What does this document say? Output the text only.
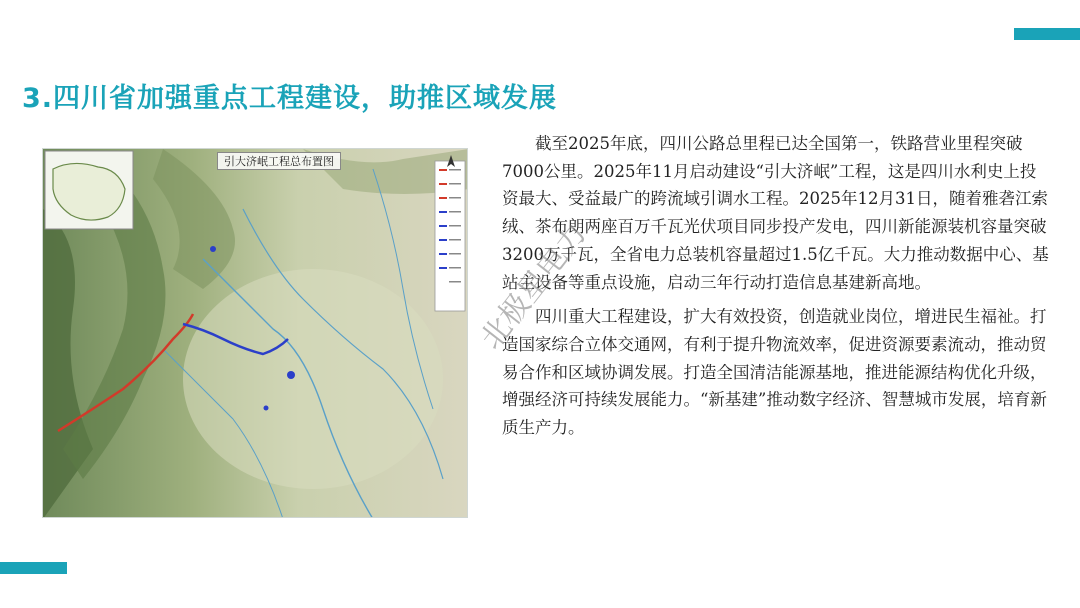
3.四川省加强重点工程建设，助推区域发展
引大济岷工程总布置图

截至2025年底，四川公路总里程已达全国第一，铁路营业里程突破7000公里。2025年11月启动建设“引大济岷”工程，这是四川水利史上投资最大、受益最广的跨流域引调水工程。2025年12月31日，随着雅砻江索绒、茶布朗两座百万千瓦光伏项目同步投产发电，四川新能源装机容量突破3200万千瓦，全省电力总装机容量超过1.5亿千瓦。大力推动数据中心、基站主设备等重点设施，启动三年行动打造信息基建新高地。

四川重大工程建设，扩大有效投资，创造就业岗位，增进民生福祉。打造国家综合立体交通网，有利于提升物流效率，促进资源要素流动，推动贸易合作和区域协调发展。打造全国清洁能源基地，推进能源结构优化升级，增强经济可持续发展能力。“新基建”推动数字经济、智慧城市发展，培育新质生产力。

北极星电力
